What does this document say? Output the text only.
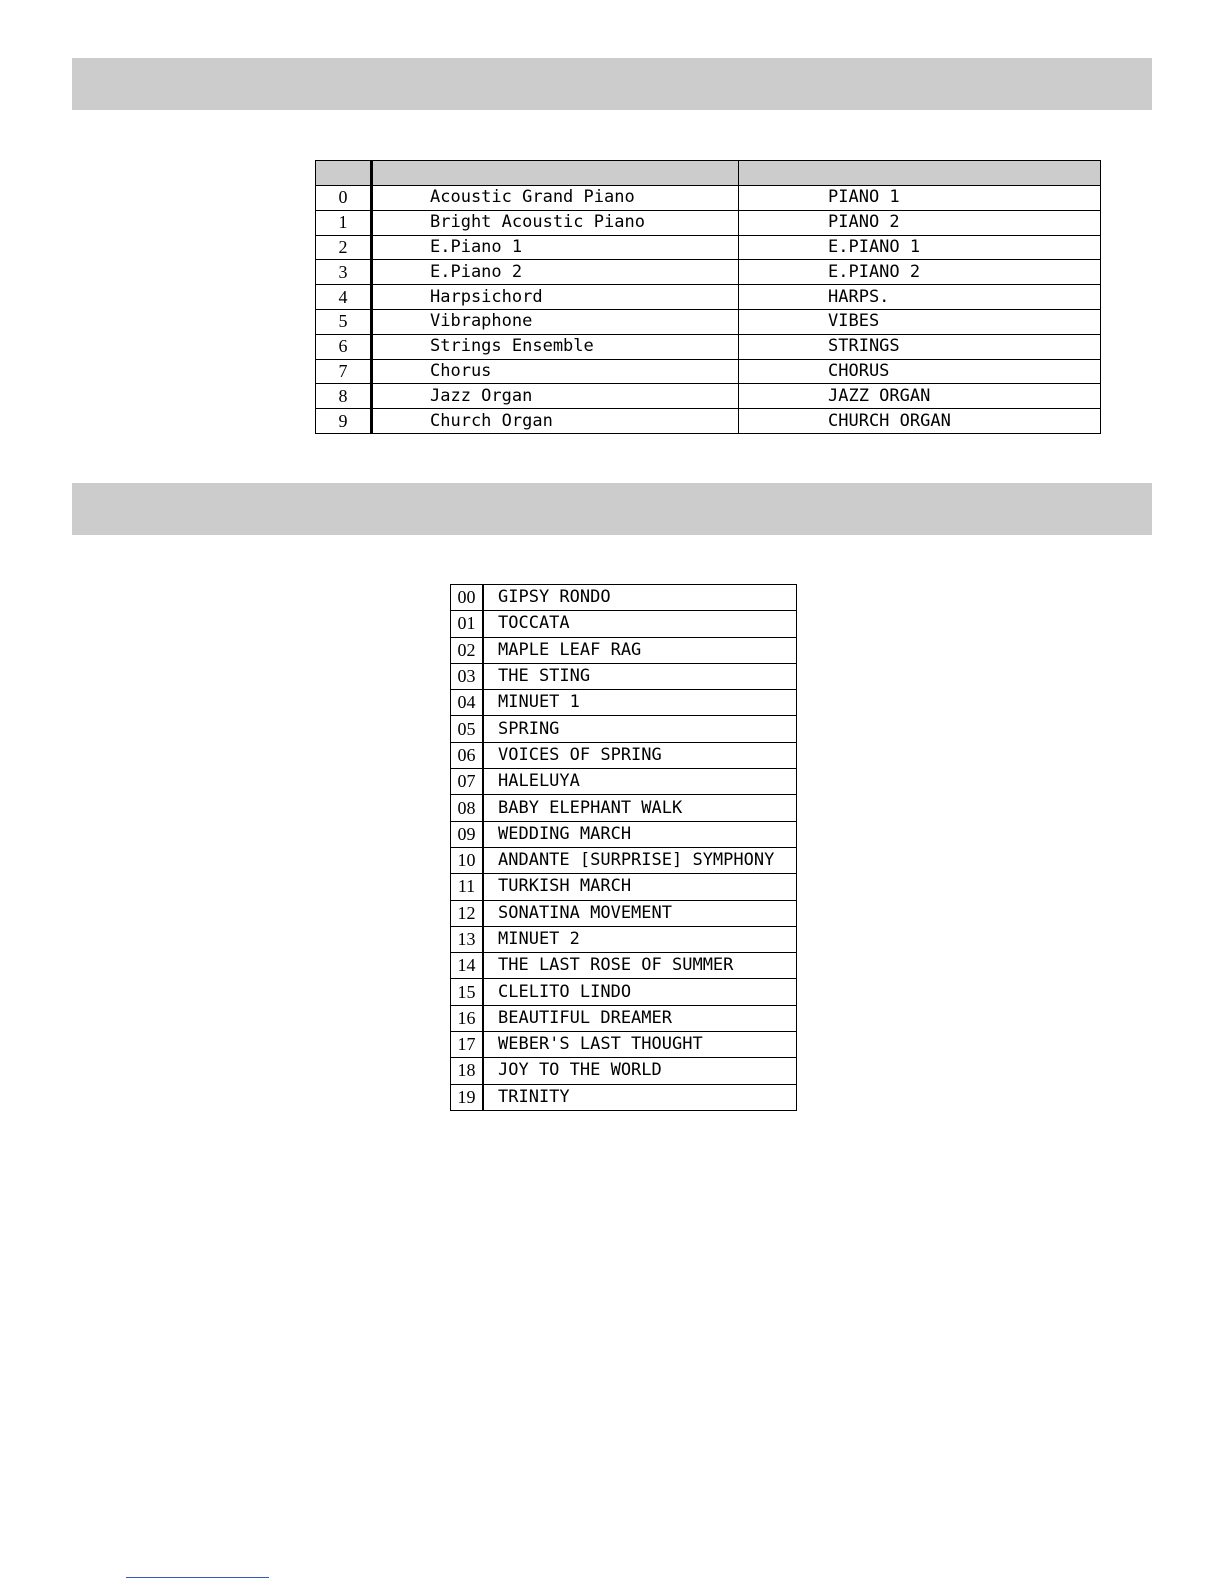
0	Acoustic Grand Piano	PIANO 1
1	Bright Acoustic Piano	PIANO 2
2	E.Piano 1	E.PIANO 1
3	E.Piano 2	E.PIANO 2
4	Harpsichord	HARPS.
5	Vibraphone	VIBES
6	Strings Ensemble	STRINGS
7	Chorus	CHORUS
8	Jazz Organ	JAZZ ORGAN
9	Church Organ	CHURCH ORGAN
00	GIPSY RONDO
01	TOCCATA
02	MAPLE LEAF RAG
03	THE STING
04	MINUET 1
05	SPRING
06	VOICES OF SPRING
07	HALELUYA
08	BABY ELEPHANT WALK
09	WEDDING MARCH
10	ANDANTE [SURPRISE] SYMPHONY
11	TURKISH MARCH
12	SONATINA MOVEMENT
13	MINUET 2
14	THE LAST ROSE OF SUMMER
15	CLELITO LINDO
16	BEAUTIFUL DREAMER
17	WEBER'S LAST THOUGHT
18	JOY TO THE WORLD
19	TRINITY
